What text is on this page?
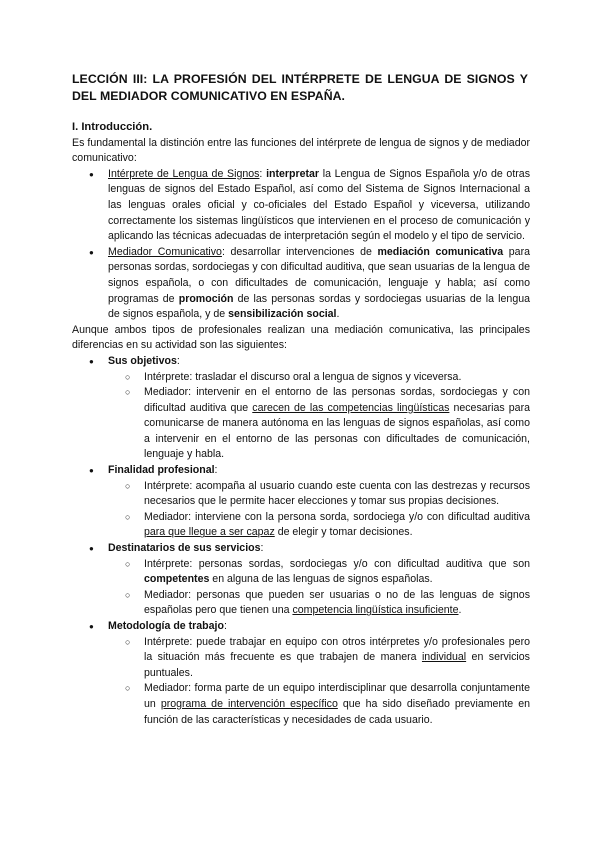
LECCIÓN III: LA PROFESIÓN DEL INTÉRPRETE DE LENGUA DE SIGNOS Y DEL MEDIADOR COMUNICATIVO EN ESPAÑA.

I. Introducción.

Es fundamental la distinción entre las funciones del intérprete de lengua de signos y de mediador comunicativo:

● Intérprete de Lengua de Signos: interpretar la Lengua de Signos Española y/o de otras lenguas de signos del Estado Español, así como del Sistema de Signos Internacional a las lenguas orales oficial y co-oficiales del Estado Español y viceversa, utilizando correctamente los sistemas lingüísticos que intervienen en el proceso de comunicación y aplicando las técnicas adecuadas de interpretación según el modelo y el tipo de servicio.
● Mediador Comunicativo: desarrollar intervenciones de mediación comunicativa para personas sordas, sordociegas y con dificultad auditiva, que sean usuarias de la lengua de signos española, o con dificultades de comunicación, lenguaje y habla; así como programas de promoción de las personas sordas y sordociegas usuarias de la lengua de signos española, y de sensibilización social.

Aunque ambos tipos de profesionales realizan una mediación comunicativa, las principales diferencias en su actividad son las siguientes:

● Sus objetivos:
○ Intérprete: trasladar el discurso oral a lengua de signos y viceversa.
○ Mediador: intervenir en el entorno de las personas sordas, sordociegas y con dificultad auditiva que carecen de las competencias lingüísticas necesarias para comunicarse de manera autónoma en las lenguas de signos españolas, así como a intervenir en el entorno de las personas con dificultades de comunicación, lenguaje y habla.
● Finalidad profesional:
○ Intérprete: acompaña al usuario cuando este cuenta con las destrezas y recursos necesarios que le permite hacer elecciones y tomar sus propias decisiones.
○ Mediador: interviene con la persona sorda, sordociega y/o con dificultad auditiva para que llegue a ser capaz de elegir y tomar decisiones.
● Destinatarios de sus servicios:
○ Intérprete: personas sordas, sordociegas y/o con dificultad auditiva que son competentes en alguna de las lenguas de signos españolas.
○ Mediador: personas que pueden ser usuarias o no de las lenguas de signos españolas pero que tienen una competencia lingüística insuficiente.
● Metodología de trabajo:
○ Intérprete: puede trabajar en equipo con otros intérpretes y/o profesionales pero la situación más frecuente es que trabajen de manera individual en servicios puntuales.
○ Mediador: forma parte de un equipo interdisciplinar que desarrolla conjuntamente un programa de intervención específico que ha sido diseñado previamente en función de las características y necesidades de cada usuario.
